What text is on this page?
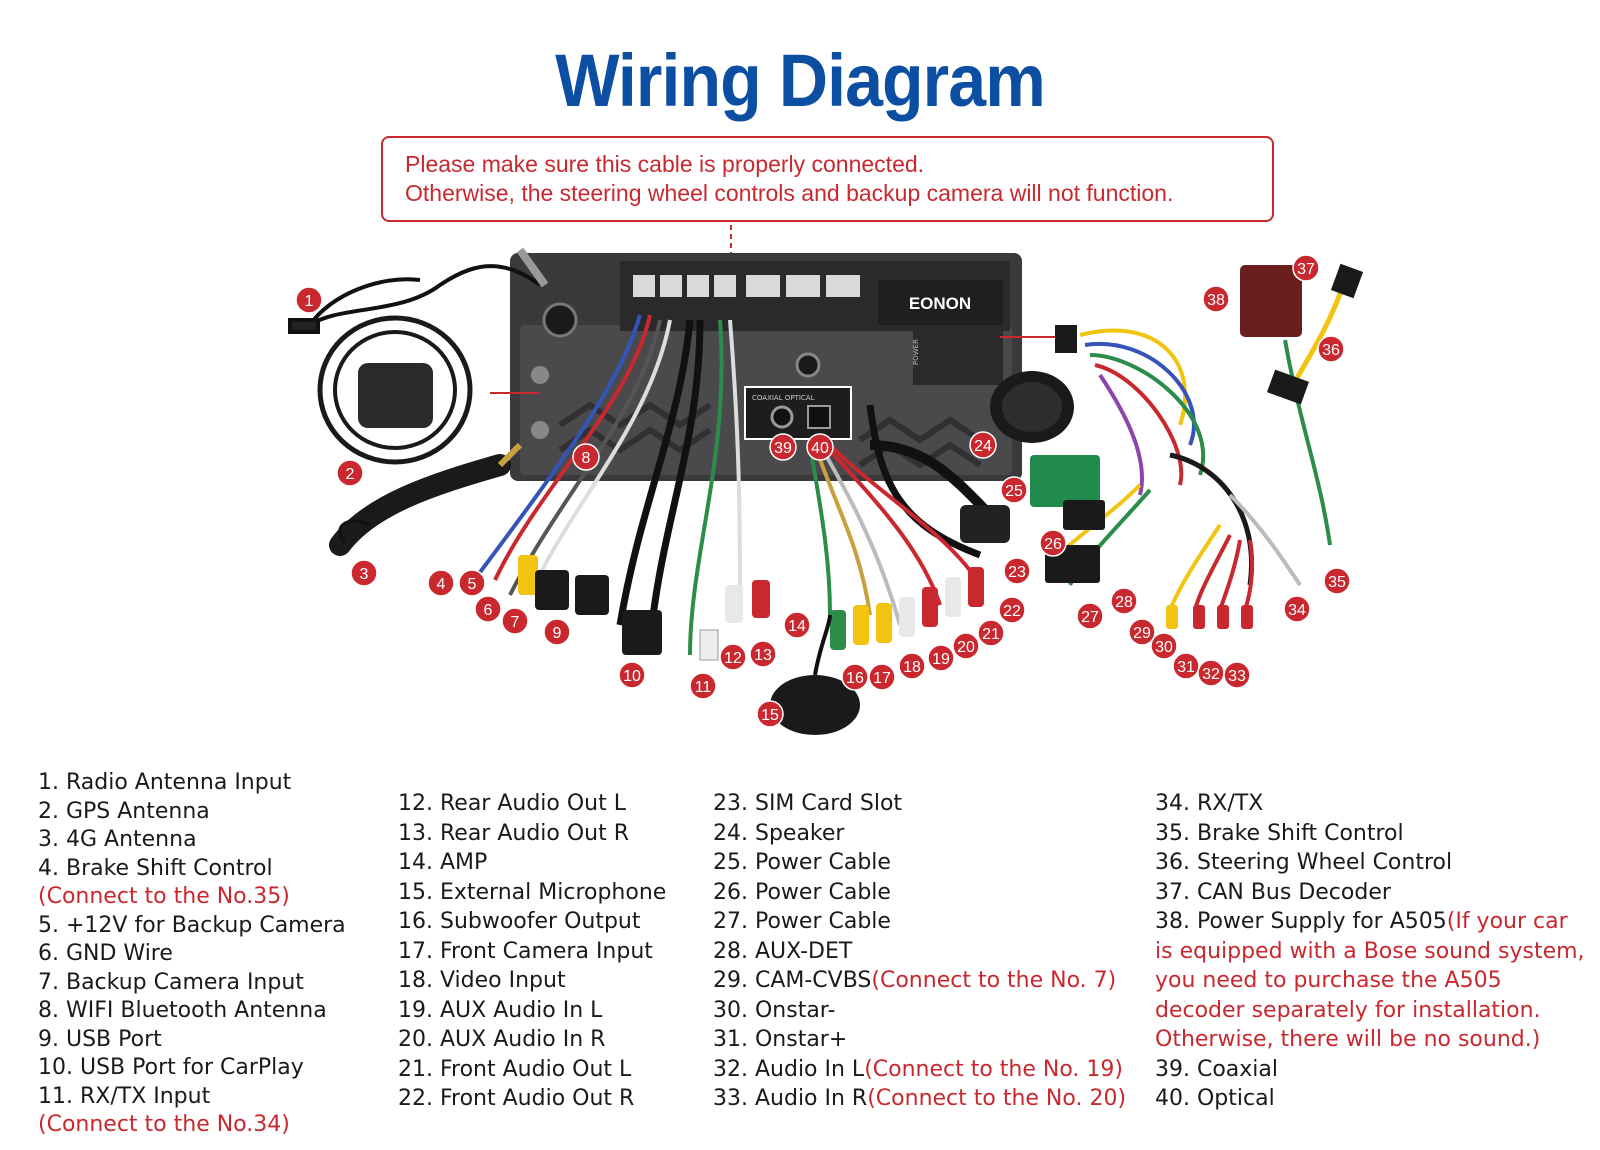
Wiring Diagram
Please make sure this cable is properly connected.
Otherwise, the steering wheel controls and backup camera will not function.
EONON
POWER
COAXIAL OPTICAL
1
2
3
4 5
6
7
8
9
10
11
12 13
14
15
16 17
18 19
20
21
22
23
24
25
26
27
28
29
30
31 32 33
34
35
36
37
38
39 40
1. Radio Antenna Input
2. GPS Antenna
3. 4G Antenna
4. Brake Shift Control
(Connect to the No.35)
5. +12V for Backup Camera
6. GND Wire
7. Backup Camera Input
8. WIFI Bluetooth Antenna
9. USB Port
10. USB Port for CarPlay
11. RX/TX Input
(Connect to the No.34)
12. Rear Audio Out L
13. Rear Audio Out R
14. AMP
15. External Microphone
16. Subwoofer Output
17. Front Camera Input
18. Video Input
19. AUX Audio In L
20. AUX Audio In R
21. Front Audio Out L
22. Front Audio Out R
23. SIM Card Slot
24. Speaker
25. Power Cable
26. Power Cable
27. Power Cable
28. AUX-DET
29. CAM-CVBS(Connect to the No. 7)
30. Onstar-
31. Onstar+
32. Audio In L(Connect to the No. 19)
33. Audio In R(Connect to the No. 20)
34. RX/TX
35. Brake Shift Control
36. Steering Wheel Control
37. CAN Bus Decoder
38. Power Supply for A505(If your car
is equipped with a Bose sound system,
you need to purchase the A505
decoder separately for installation.
Otherwise, there will be no sound.)
39. Coaxial
40. Optical
